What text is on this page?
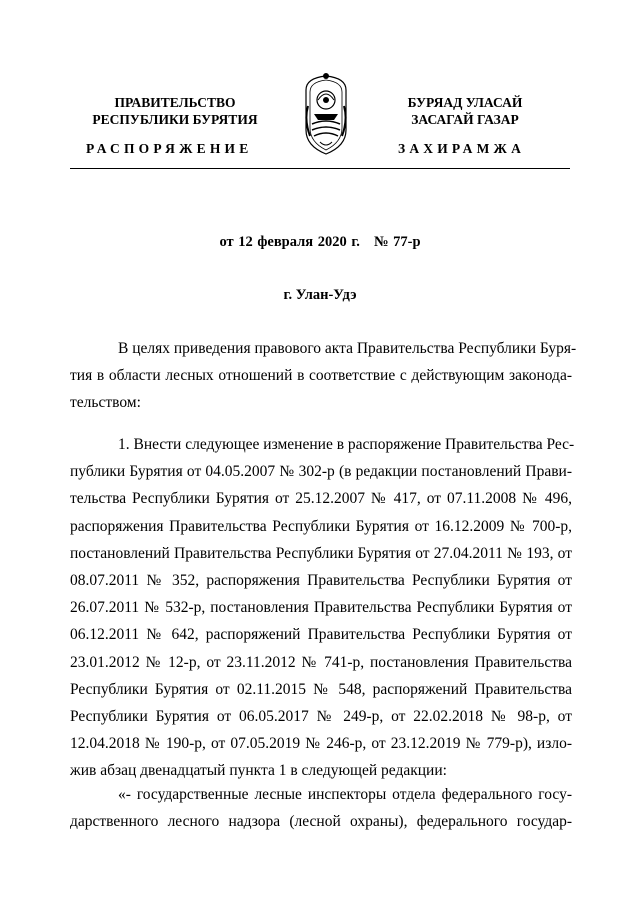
ПРАВИТЕЛЬСТВО
РЕСПУБЛИКИ БУРЯТИЯ
БУРЯАД УЛАСАЙ
ЗАСАГАЙ ГАЗАР
РАСПОРЯЖЕНИЕ	ЗАХИРАМЖА
от 12 февраля 2020 г. № 77-р
г. Улан-Удэ
В целях приведения правового акта Правительства Республики Буря-
тия в области лесных отношений в соответствие с действующим законода-
тельством:
1. Внести следующее изменение в распоряжение Правительства Рес-
публики Бурятия от 04.05.2007 № 302-р (в редакции постановлений Прави-
тельства Республики Бурятия от 25.12.2007 № 417, от 07.11.2008 № 496,
распоряжения Правительства Республики Бурятия от 16.12.2009 № 700-р,
постановлений Правительства Республики Бурятия от 27.04.2011 № 193, от
08.07.2011 № 352, распоряжения Правительства Республики Бурятия от
26.07.2011 № 532-р, постановления Правительства Республики Бурятия от
06.12.2011 № 642, распоряжений Правительства Республики Бурятия от
23.01.2012 № 12-р, от 23.11.2012 № 741-р, постановления Правительства
Республики Бурятия от 02.11.2015 № 548, распоряжений Правительства
Республики Бурятия от 06.05.2017 № 249-р, от 22.02.2018 № 98-р, от
12.04.2018 № 190-р, от 07.05.2019 № 246-р, от 23.12.2019 № 779-р), изло-
жив абзац двенадцатый пункта 1 в следующей редакции:
«- государственные лесные инспекторы отдела федерального госу-
дарственного лесного надзора (лесной охраны), федерального государ-
